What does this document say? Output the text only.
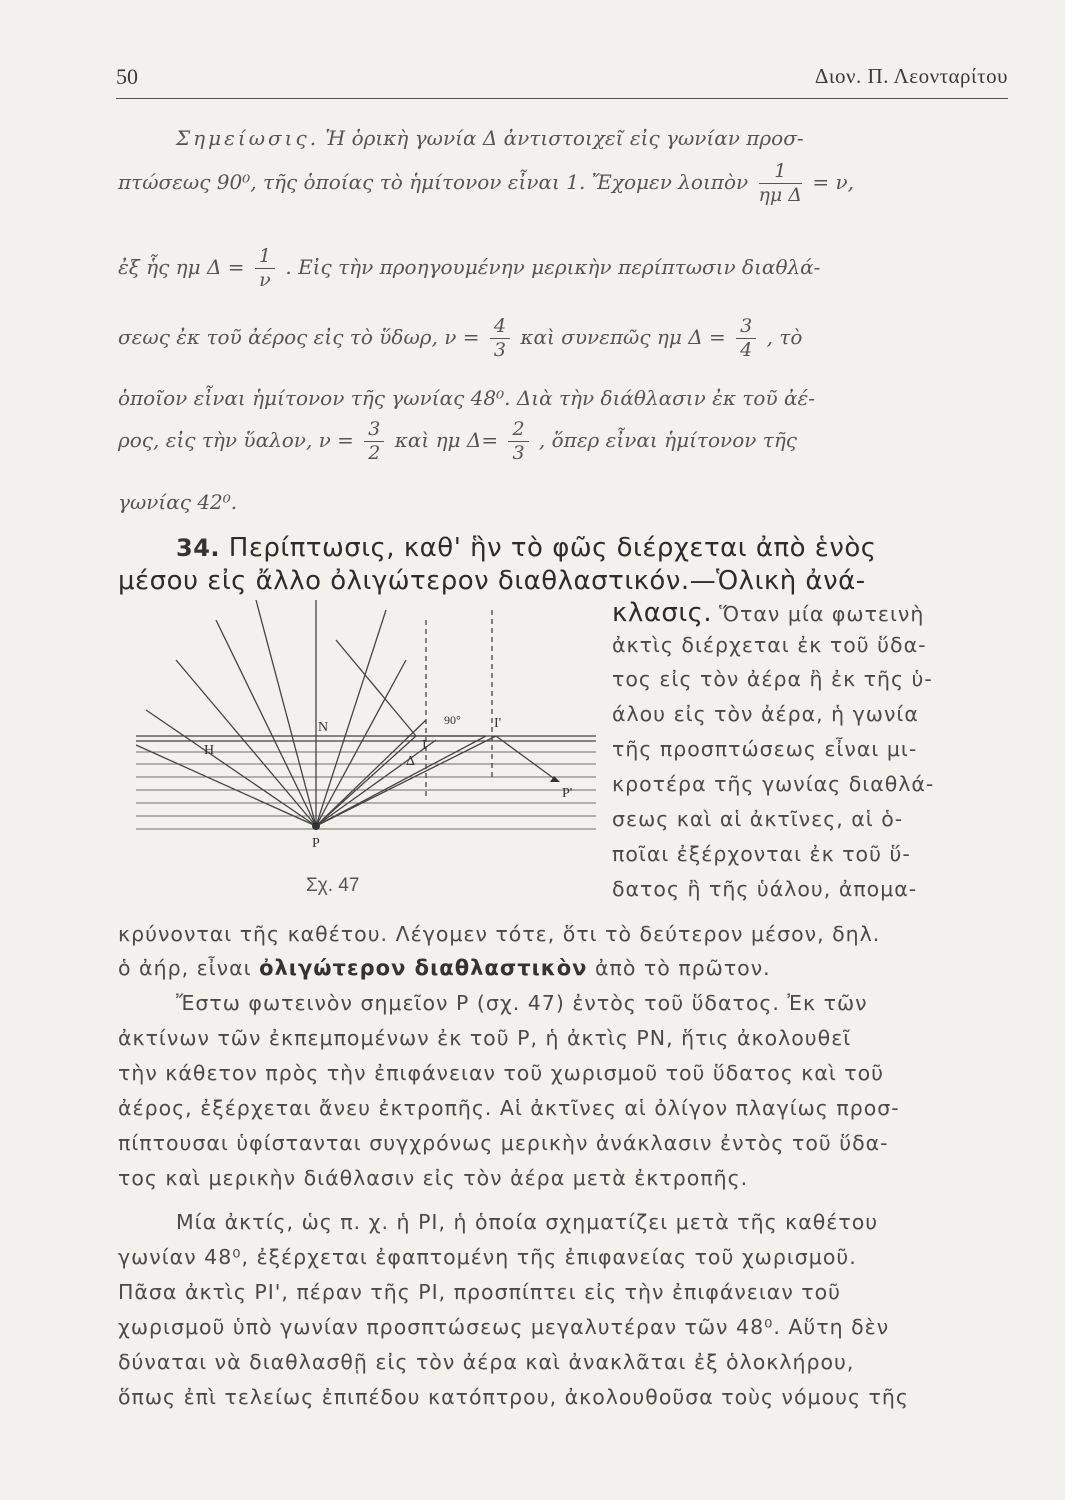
50	Διον. Π. Λεονταρίτου
Σημείωσις. Ἡ ὁρικὴ γωνία Δ ἀντιστοιχεῖ εἰς γωνίαν προσ-
πτώσεως 90⁰, τῆς ὁποίας τὸ ἡμίτονον εἶναι 1. Ἔχομεν λοιπὸν $\frac{1}{\text{ημ Δ}} = \nu$,
ἐξ ἧς ημ $\Delta = \frac{1}{\nu}$ . Εἰς τὴν προηγουμένην μερικὴν περίπτωσιν διαθλά-
σεως ἐκ τοῦ ἀέρος εἰς τὸ ὕδωρ, $\nu = \frac{4}{3}$ καὶ συνεπῶς ημ $\Delta = \frac{3}{4}$ , τὸ
ὁποῖον εἶναι ἡμίτονον τῆς γωνίας 48⁰. Διὰ τὴν διάθλασιν ἐκ τοῦ ἀέ-
ρος, εἰς τὴν ὕαλον, $\nu = \frac{3}{2}$ καὶ ημ $\Delta= \frac{2}{3}$ , ὅπερ εἶναι ἡμίτονον τῆς
γωνίας 42⁰.
34. Περίπτωσις, καθ' ἣν τὸ φῶς διέρχεται ἀπὸ ἑνὸς
μέσου εἰς ἄλλο ὀλιγώτερον διαθλαστικόν.—Ὁλικὴ ἀνά-
κλασις. Ὅταν μία φωτεινὴ
N
H
90° I'
Δ
I
P
P'
Σχ. 47
ἀκτὶς διέρχεται ἐκ τοῦ ὕδα-
τος εἰς τὸν ἀέρα ἢ ἐκ τῆς ὑ-
άλου εἰς τὸν ἀέρα, ἡ γωνία
τῆς προσπτώσεως εἶναι μι-
κροτέρα τῆς γωνίας διαθλά-
σεως καὶ αἱ ἀκτῖνες, αἱ ὁ-
ποῖαι ἐξέρχονται ἐκ τοῦ ὕ-
δατος ἢ τῆς ὑάλου, ἀπομα-
κρύνονται τῆς καθέτου. Λέγομεν τότε, ὅτι τὸ δεύτερον μέσον, δηλ.
ὁ ἀήρ, εἶναι ὀλιγώτερον διαθλαστικὸν ἀπὸ τὸ πρῶτον.
Ἔστω φωτεινὸν σημεῖον Ρ (σχ. 47) ἐντὸς τοῦ ὕδατος. Ἐκ τῶν
ἀκτίνων τῶν ἐκπεμπομένων ἐκ τοῦ Ρ, ἡ ἀκτὶς ΡΝ, ἥτις ἀκολουθεῖ
τὴν κάθετον πρὸς τὴν ἐπιφάνειαν τοῦ χωρισμοῦ τοῦ ὕδατος καὶ τοῦ
ἀέρος, ἐξέρχεται ἄνευ ἐκτροπῆς. Αἱ ἀκτῖνες αἱ ὀλίγον πλαγίως προσ-
πίπτουσαι ὑφίστανται συγχρόνως μερικὴν ἀνάκλασιν ἐντὸς τοῦ ὕδα-
τος καὶ μερικὴν διάθλασιν εἰς τὸν ἀέρα μετὰ ἐκτροπῆς.
Μία ἀκτίς, ὡς π. χ. ἡ ΡΙ, ἡ ὁποία σχηματίζει μετὰ τῆς καθέτου
γωνίαν 48⁰, ἐξέρχεται ἐφαπτομένη τῆς ἐπιφανείας τοῦ χωρισμοῦ.
Πᾶσα ἀκτὶς ΡΙ', πέραν τῆς ΡΙ, προσπίπτει εἰς τὴν ἐπιφάνειαν τοῦ
χωρισμοῦ ὑπὸ γωνίαν προσπτώσεως μεγαλυτέραν τῶν 48⁰. Αὕτη δὲν
δύναται νὰ διαθλασθῇ εἰς τὸν ἀέρα καὶ ἀνακλᾶται ἐξ ὁλοκλήρου,
ὅπως ἐπὶ τελείως ἐπιπέδου κατόπτρου, ἀκολουθοῦσα τοὺς νόμους τῆς
